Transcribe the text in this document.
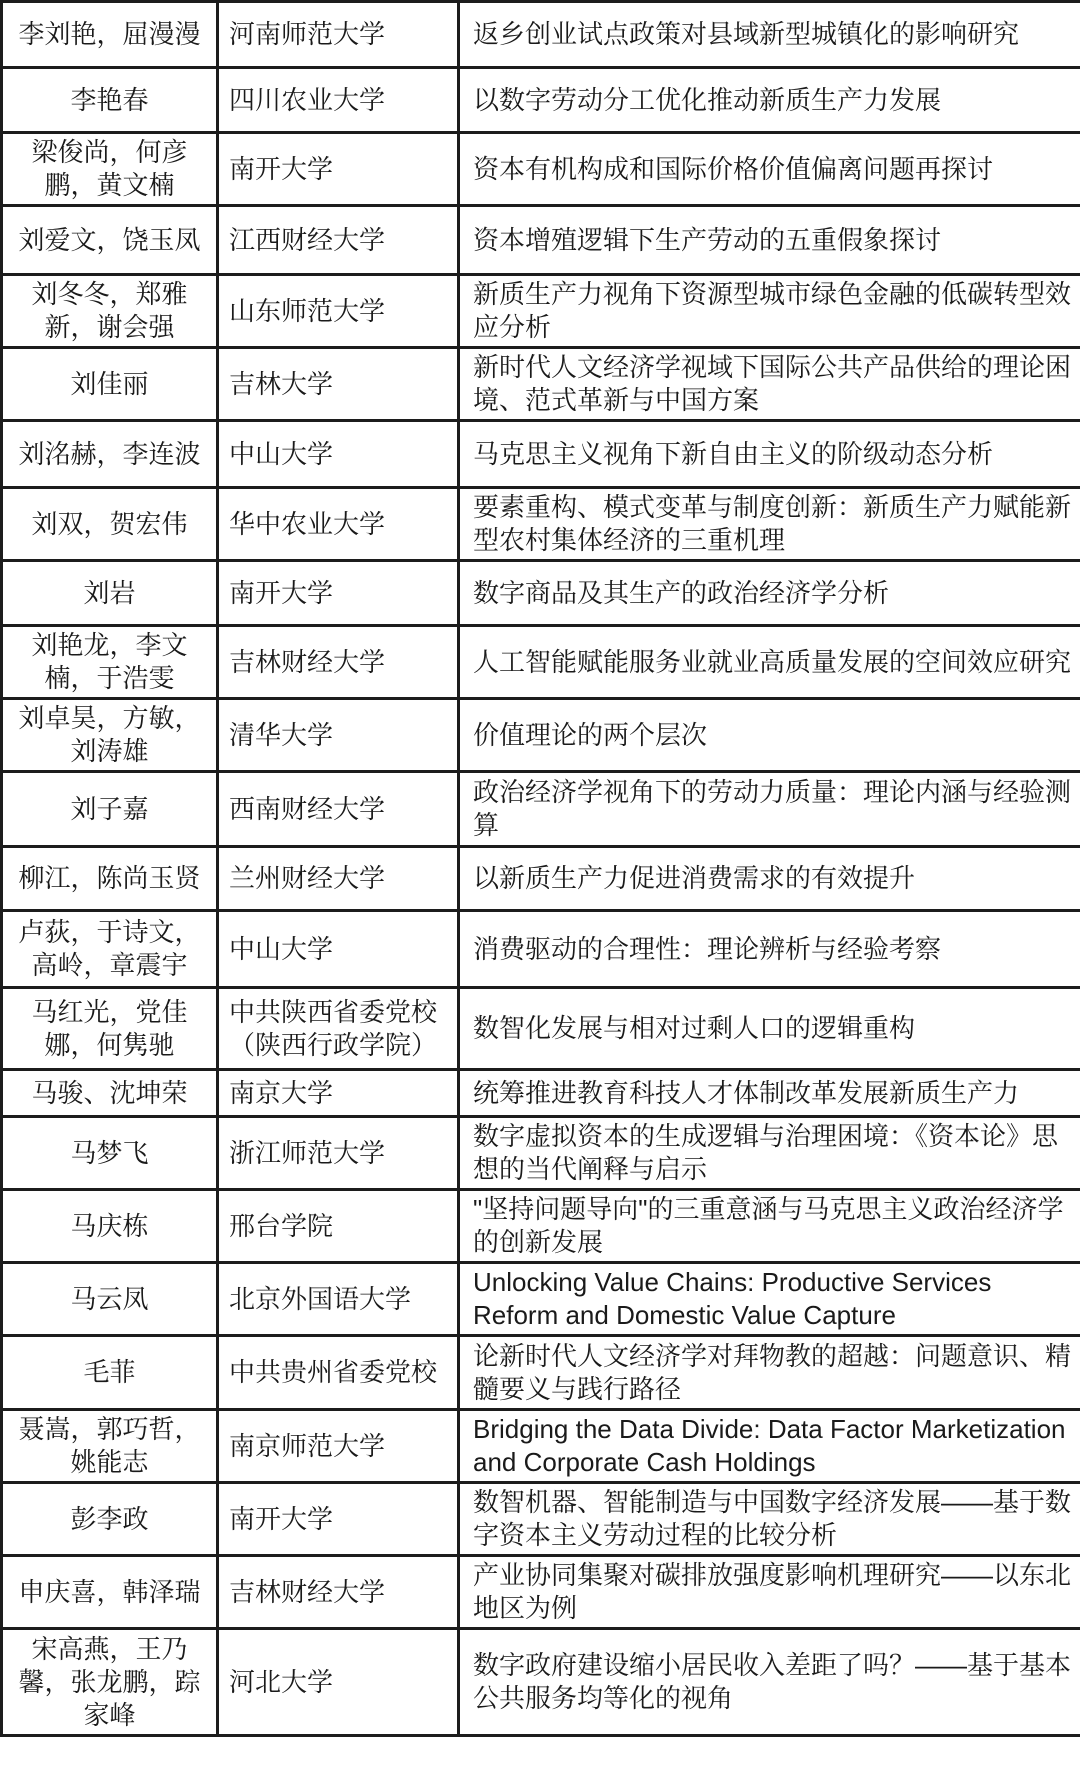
李刘艳，屈漫漫	河南师范大学	返乡创业试点政策对县域新型城镇化的影响研究
李艳春	四川农业大学	以数字劳动分工优化推动新质生产力发展
梁俊尚，何彦鹏，黄文楠	南开大学	资本有机构成和国际价格价值偏离问题再探讨
刘爱文，饶玉凤	江西财经大学	资本增殖逻辑下生产劳动的五重假象探讨
刘冬冬，郑雅新，谢会强	山东师范大学	新质生产力视角下资源型城市绿色金融的低碳转型效应分析
刘佳丽	吉林大学	新时代人文经济学视域下国际公共产品供给的理论困境、范式革新与中国方案
刘洺赫，李连波	中山大学	马克思主义视角下新自由主义的阶级动态分析
刘双，贺宏伟	华中农业大学	要素重构、模式变革与制度创新：新质生产力赋能新型农村集体经济的三重机理
刘岩	南开大学	数字商品及其生产的政治经济学分析
刘艳龙，李文楠，于浩雯	吉林财经大学	人工智能赋能服务业就业高质量发展的空间效应研究
刘卓昊，方敏，刘涛雄	清华大学	价值理论的两个层次
刘子嘉	西南财经大学	政治经济学视角下的劳动力质量：理论内涵与经验测算
柳江，陈尚玉贤	兰州财经大学	以新质生产力促进消费需求的有效提升
卢荻，于诗文，高岭，章震宇	中山大学	消费驱动的合理性：理论辨析与经验考察
马红光，党佳娜，何隽驰	中共陕西省委党校（陕西行政学院）	数智化发展与相对过剩人口的逻辑重构
马骏、沈坤荣	南京大学	统筹推进教育科技人才体制改革发展新质生产力
马梦飞	浙江师范大学	数字虚拟资本的生成逻辑与治理困境：《资本论》思想的当代阐释与启示
马庆栋	邢台学院	"坚持问题导向"的三重意涵与马克思主义政治经济学的创新发展
马云凤	北京外国语大学	Unlocking Value Chains: Productive Services Reform and Domestic Value Capture
毛菲	中共贵州省委党校	论新时代人文经济学对拜物教的超越：问题意识、精髓要义与践行路径
聂嵩，郭巧哲，姚能志	南京师范大学	Bridging the Data Divide: Data Factor Marketization and Corporate Cash Holdings
彭李政	南开大学	数智机器、智能制造与中国数字经济发展——基于数字资本主义劳动过程的比较分析
申庆喜，韩泽瑞	吉林财经大学	产业协同集聚对碳排放强度影响机理研究——以东北地区为例
宋高燕，王乃馨，张龙鹏，踪家峰	河北大学	数字政府建设缩小居民收入差距了吗？——基于基本公共服务均等化的视角
